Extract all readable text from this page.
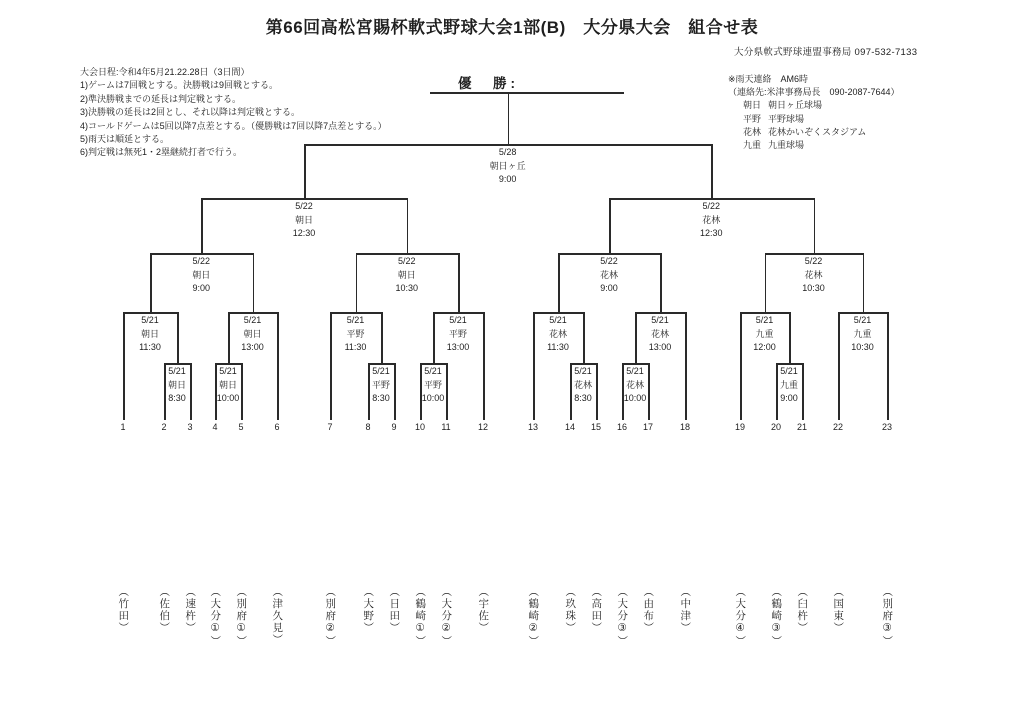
第66回高松宮賜杯軟式野球大会1部(B)　大分県大会　組合せ表
大分県軟式野球連盟事務局 097-532-7133
大会日程:令和4年5月21.22.28日（3日間）
1)ゲームは7回戦とする。決勝戦は9回戦とする。
2)準決勝戦までの延長は判定戦とする。
3)決勝戦の延長は2回とし、それ以降は判定戦とする。
4)コールドゲームは5回以降7点差とする。（優勝戦は7回以降7点差とする。）
5)雨天は順延とする。
6)判定戦は無死1・2塁継続打者で行う。
※雨天連絡　AM6時
（連絡先:米津事務局長　090-2087-7644）
朝日 朝日ヶ丘球場
平野 平野球場
花林 花林かいぞくスタジアム
九重 九重球場
優　勝:
1
（竹田）
2
（佐伯）
3
（速杵）
4
（大分①）
5
（別府①）
6
（津久見）
7
（別府②）
8
（大野）
9
（日田）
10
（鶴崎①）
11
（大分②）
12
（宇佐）
13
（鶴崎②）
14
（玖珠）
15
（高田）
16
（大分③）
17
（由布）
18
（中津）
19
（大分④）
20
（鶴崎③）
21
（臼杵）
22
（国東）
23
（別府③）
5/21
朝日
8:30
5/21
朝日
10:00
5/21
平野
8:30
5/21
平野
10:00
5/21
花林
8:30
5/21
花林
10:00
5/21
九重
9:00
5/21
朝日
11:30
5/21
朝日
13:00
5/21
平野
11:30
5/21
平野
13:00
5/21
花林
11:30
5/21
花林
13:00
5/21
九重
12:00
5/21
九重
10:30
5/22
朝日
9:00
5/22
朝日
10:30
5/22
花林
9:00
5/22
花林
10:30
5/22
朝日
12:30
5/22
花林
12:30
5/28
朝日ヶ丘
9:00
